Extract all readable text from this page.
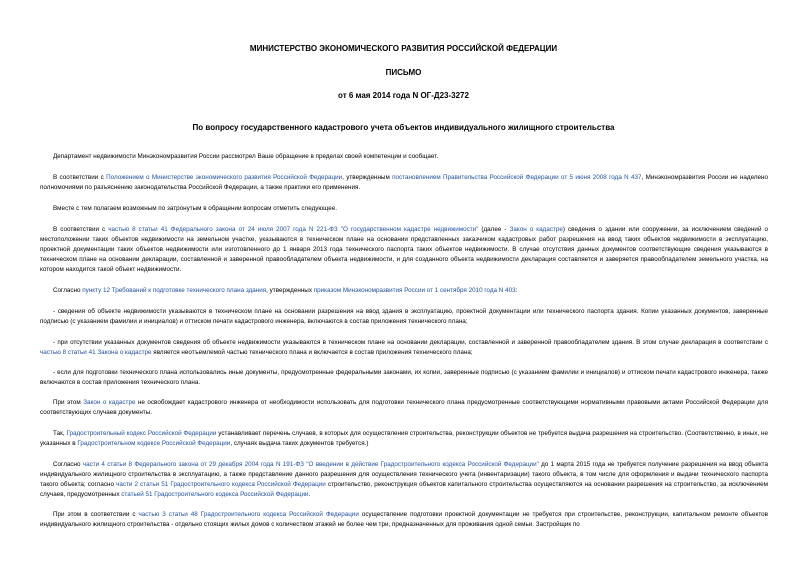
МИНИСТЕРСТВО ЭКОНОМИЧЕСКОГО РАЗВИТИЯ РОССИЙСКОЙ ФЕДЕРАЦИИ
ПИСЬМО
от 6 мая 2014 года N ОГ-Д23-3272
По вопросу государственного кадастрового учета объектов индивидуального жилищного строительства
Департамент недвижимости Минэкономразвития России рассмотрел Ваше обращение в пределах своей компетенции и сообщает.
В соответствии с Положением о Министерстве экономического развития Российской Федерации, утвержденным постановлением Правительства Российской Федерации от 5 июня 2008 года N 437, Минэкономразвития России не наделено полномочиями по разъяснению законодательства Российской Федерации, а также практики его применения.
Вместе с тем полагаем возможным по затронутым в обращении вопросам отметить следующее.
В соответствии с частью 8 статьи 41 Федерального закона от 24 июля 2007 года N 221-ФЗ "О государственном кадастре недвижимости" (далее - Закон о кадастре) сведения о здании или сооружении, за исключением сведений о местоположении таких объектов недвижимости на земельном участке, указываются в техническом плане на основании представленных заказчиком кадастровых работ разрешения на ввод таких объектов недвижимости в эксплуатацию, проектной документации таких объектов недвижимости или изготовленного до 1 января 2013 года технического паспорта таких объектов недвижимости. В случае отсутствия данных документов соответствующие сведения указываются в техническом плане на основании декларации, составленной и заверенной правообладателем объекта недвижимости, и для созданного объекта недвижимости декларация составляется и заверяется правообладателем земельного участка, на котором находится такой объект недвижимости.
Согласно пункту 12 Требований к подготовке технического плана здания, утвержденных приказом Минэкономразвития России от 1 сентября 2010 года N 403:
- сведения об объекте недвижимости указываются в техническом плане на основании разрешения на ввод здания в эксплуатацию, проектной документации или технического паспорта здания. Копии указанных документов, заверенные подписью (с указанием фамилии и инициалов) и оттиском печати кадастрового инженера, включаются в состав приложения технического плана;
- при отсутствии указанных документов сведения об объекте недвижимости указываются в техническом плане на основании декларации, составленной и заверенной правообладателем здания. В этом случае декларация в соответствии с частью 8 статьи 41 Закона о кадастре является неотъемлемой частью технического плана и включается в состав приложения технического плана;
- если для подготовки технического плана использовались иные документы, предусмотренные федеральными законами, их копии, заверенные подписью (с указанием фамилии и инициалов) и оттиском печати кадастрового инженера, также включаются в состав приложения технического плана.
При этом Закон о кадастре не освобождает кадастрового инженера от необходимости использовать для подготовки технического плана предусмотренные соответствующими нормативными правовыми актами Российской Федерации для соответствующих случаев документы.
Так, Градостроительный кодекс Российской Федерации устанавливает перечень случаев, в которых для осуществления строительства, реконструкции объектов не требуется выдача разрешения на строительство. (Соответственно, в иных, не указанных в Градостроительном кодексе Российской Федерации, случаях выдача таких документов требуется.)
Согласно части 4 статьи 8 Федерального закона от 29 декабря 2004 года N 191-ФЗ "О введении в действие Градостроительного кодекса Российской Федерации" до 1 марта 2015 года не требуется получение разрешения на ввод объекта индивидуального жилищного строительства в эксплуатацию, а также представление данного разрешения для осуществления технического учета (инвентаризации) такого объекта, в том числе для оформления и выдачи технического паспорта такого объекта; согласно части 2 статьи 51 Градостроительного кодекса Российской Федерации строительство, реконструкция объектов капитального строительства осуществляются на основании разрешения на строительство, за исключением случаев, предусмотренных статьей 51 Градостроительного кодекса Российской Федерации.
При этом в соответствии с частью 3 статьи 48 Градостроительного кодекса Российской Федерации осуществление подготовки проектной документации не требуется при строительстве, реконструкции, капитальном ремонте объектов индивидуального жилищного строительства - отдельно стоящих жилых домов с количеством этажей не более чем три, предназначенных для проживания одной семьи. Застройщик по
